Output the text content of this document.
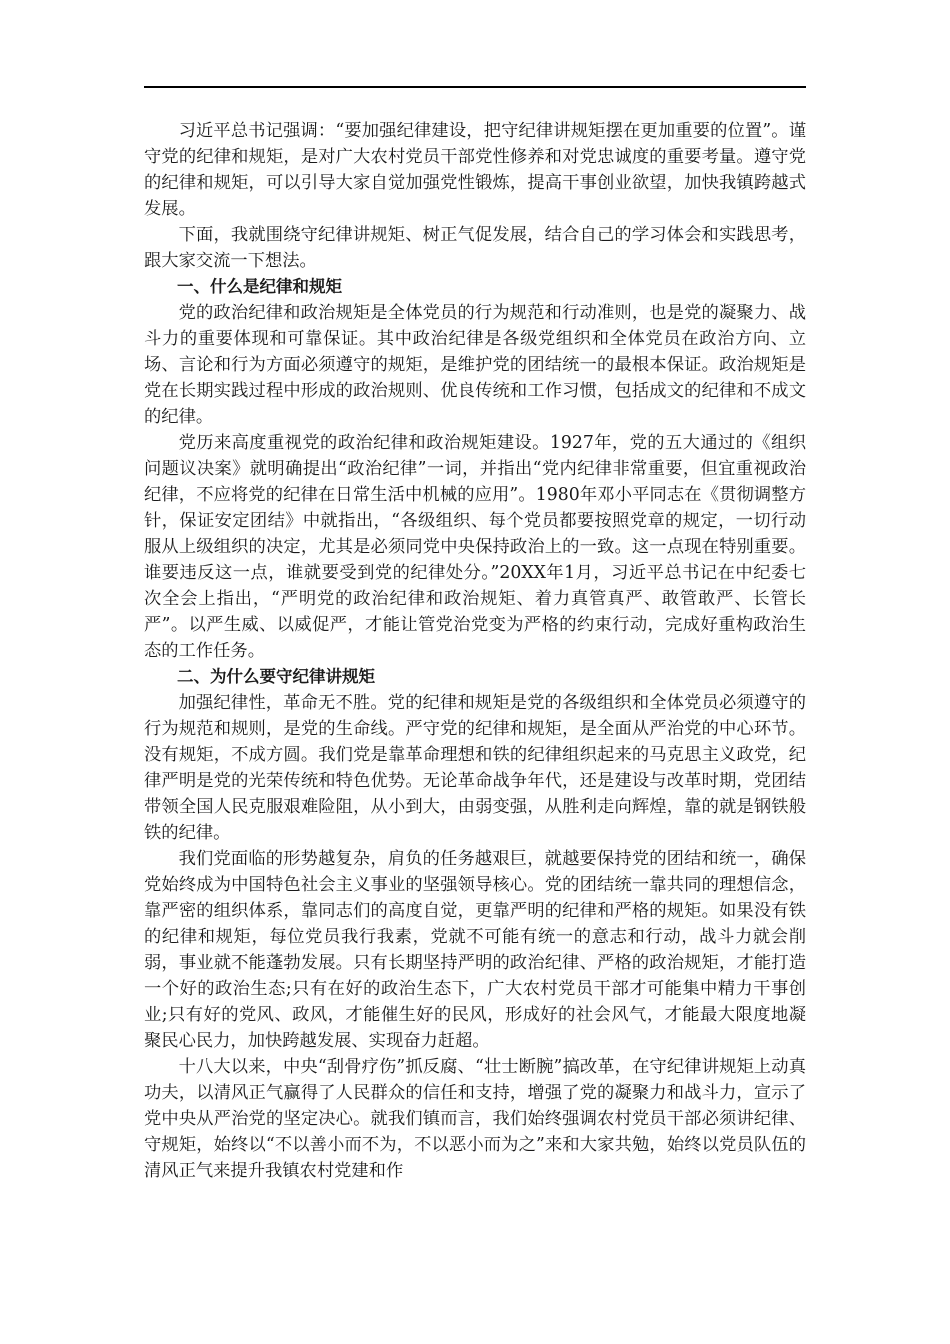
习近平总书记强调：“要加强纪律建设，把守纪律讲规矩摆在更加重要的位置”。谨守党的纪律和规矩，是对广大农村党员干部党性修养和对党忠诚度的重要考量。遵守党的纪律和规矩，可以引导大家自觉加强党性锻炼，提高干事创业欲望，加快我镇跨越式发展。

下面，我就围绕守纪律讲规矩、树正气促发展，结合自己的学习体会和实践思考，跟大家交流一下想法。

一、什么是纪律和规矩

党的政治纪律和政治规矩是全体党员的行为规范和行动准则，也是党的凝聚力、战斗力的重要体现和可靠保证。其中政治纪律是各级党组织和全体党员在政治方向、立场、言论和行为方面必须遵守的规矩，是维护党的团结统一的最根本保证。政治规矩是党在长期实践过程中形成的政治规则、优良传统和工作习惯，包括成文的纪律和不成文的纪律。

党历来高度重视党的政治纪律和政治规矩建设。1927年，党的五大通过的《组织问题议决案》就明确提出“政治纪律”一词，并指出“党内纪律非常重要，但宜重视政治纪律，不应将党的纪律在日常生活中机械的应用”。1980年邓小平同志在《贯彻调整方针，保证安定团结》中就指出，“各级组织、每个党员都要按照党章的规定，一切行动服从上级组织的决定，尤其是必须同党中央保持政治上的一致。这一点现在特别重要。谁要违反这一点，谁就要受到党的纪律处分。”20XX年1月，习近平总书记在中纪委七次全会上指出，“严明党的政治纪律和政治规矩、着力真管真严、敢管敢严、长管长严”。以严生威、以威促严，才能让管党治党变为严格的约束行动，完成好重构政治生态的工作任务。

二、为什么要守纪律讲规矩

加强纪律性，革命无不胜。党的纪律和规矩是党的各级组织和全体党员必须遵守的行为规范和规则，是党的生命线。严守党的纪律和规矩，是全面从严治党的中心环节。没有规矩，不成方圆。我们党是靠革命理想和铁的纪律组织起来的马克思主义政党，纪律严明是党的光荣传统和特色优势。无论革命战争年代，还是建设与改革时期，党团结带领全国人民克服艰难险阻，从小到大，由弱变强，从胜利走向辉煌，靠的就是钢铁般铁的纪律。

我们党面临的形势越复杂，肩负的任务越艰巨，就越要保持党的团结和统一，确保党始终成为中国特色社会主义事业的坚强领导核心。党的团结统一靠共同的理想信念，靠严密的组织体系，靠同志们的高度自觉，更靠严明的纪律和严格的规矩。如果没有铁的纪律和规矩，每位党员我行我素，党就不可能有统一的意志和行动，战斗力就会削弱，事业就不能蓬勃发展。只有长期坚持严明的政治纪律、严格的政治规矩，才能打造一个好的政治生态;只有在好的政治生态下，广大农村党员干部才可能集中精力干事创业;只有好的党风、政风，才能催生好的民风，形成好的社会风气，才能最大限度地凝聚民心民力，加快跨越发展、实现奋力赶超。

十八大以来，中央“刮骨疗伤”抓反腐、“壮士断腕”搞改革，在守纪律讲规矩上动真功夫，以清风正气赢得了人民群众的信任和支持，增强了党的凝聚力和战斗力，宣示了党中央从严治党的坚定决心。就我们镇而言，我们始终强调农村党员干部必须讲纪律、守规矩，始终以“不以善小而不为，不以恶小而为之”来和大家共勉，始终以党员队伍的清风正气来提升我镇农村党建和作
